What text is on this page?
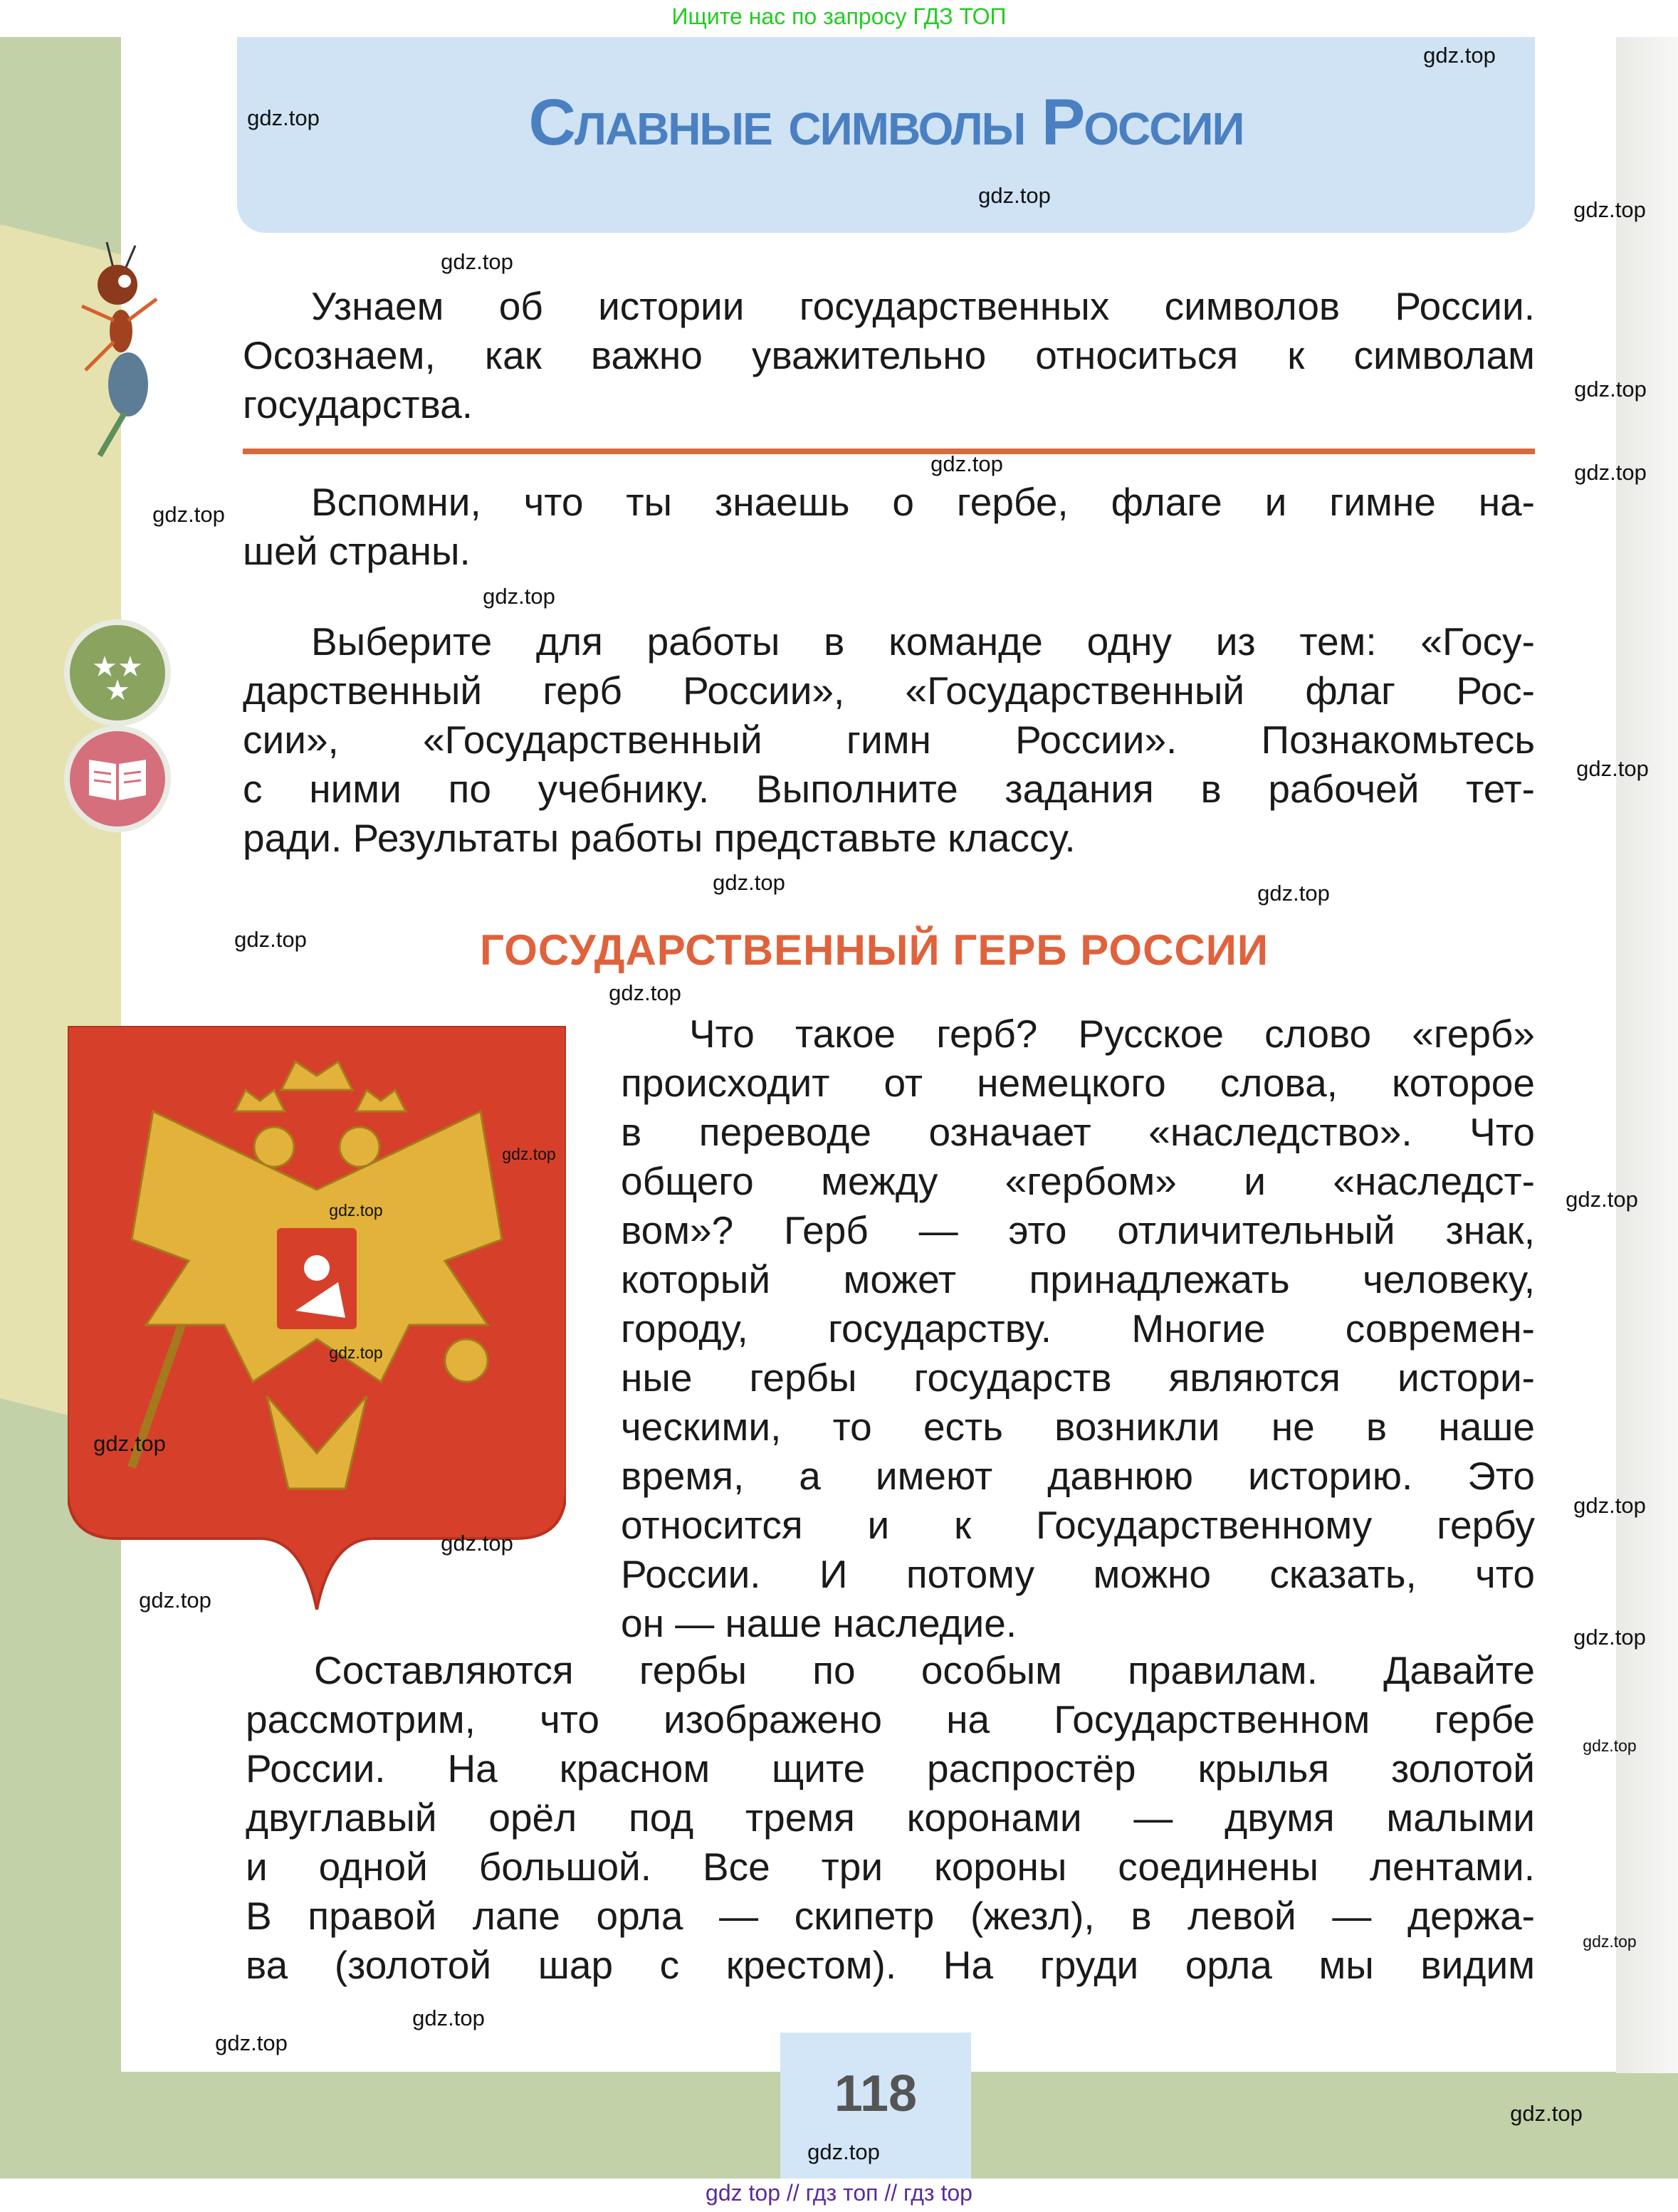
Ищите нас по запросу ГДЗ ТОП
Славные символы России
★★
★
Узнаем об истории государственных символов России.
Осознаем, как важно уважительно относиться к символам
государства.
Вспомни, что ты знаешь о гербе, флаге и гимне на-
шей страны.
Выберите для работы в команде одну из тем: «Госу-
дарственный герб России», «Государственный флаг Рос-
сии», «Государственный гимн России». Познакомьтесь
с ними по учебнику. Выполните задания в рабочей тет-
ради. Результаты работы представьте классу.
ГОСУДАРСТВЕННЫЙ ГЕРБ РОССИИ
Что такое герб? Русское слово «герб»
происходит от немецкого слова, которое
в переводе означает «наследство». Что
общего между «гербом» и «наследст-
вом»? Герб — это отличительный знак,
который может принадлежать человеку,
городу, государству. Многие современ-
ные гербы государств являются истори-
ческими, то есть возникли не в наше
время, а имеют давнюю историю. Это
относится и к Государственному гербу
России. И потому можно сказать, что
он — наше наследие.
Составляются гербы по особым правилам. Давайте
рассмотрим, что изображено на Государственном гербе
России. На красном щите распростёр крылья золотой
двуглавый орёл под тремя коронами — двумя малыми
и одной большой. Все три короны соединены лентами.
В правой лапе орла — скипетр (жезл), в левой — держа-
ва (золотой шар с крестом). На груди орла мы видим
118
gdz top // гдз топ // гдз top
gdz.top
gdz.top
gdz.top
gdz.top
gdz.top
gdz.top
gdz.top	gdz.top
gdz.top
gdz.top
gdz.top
gdz.top
gdz.top
gdz.top
gdz.top
gdz.top
gdz.top
gdz.top
gdz.top
gdz.top
gdz.top
gdz.top
gdz.top
gdz.top
gdz.top
gdz.top
gdz.top
gdz.top
gdz.top
gdz.top
